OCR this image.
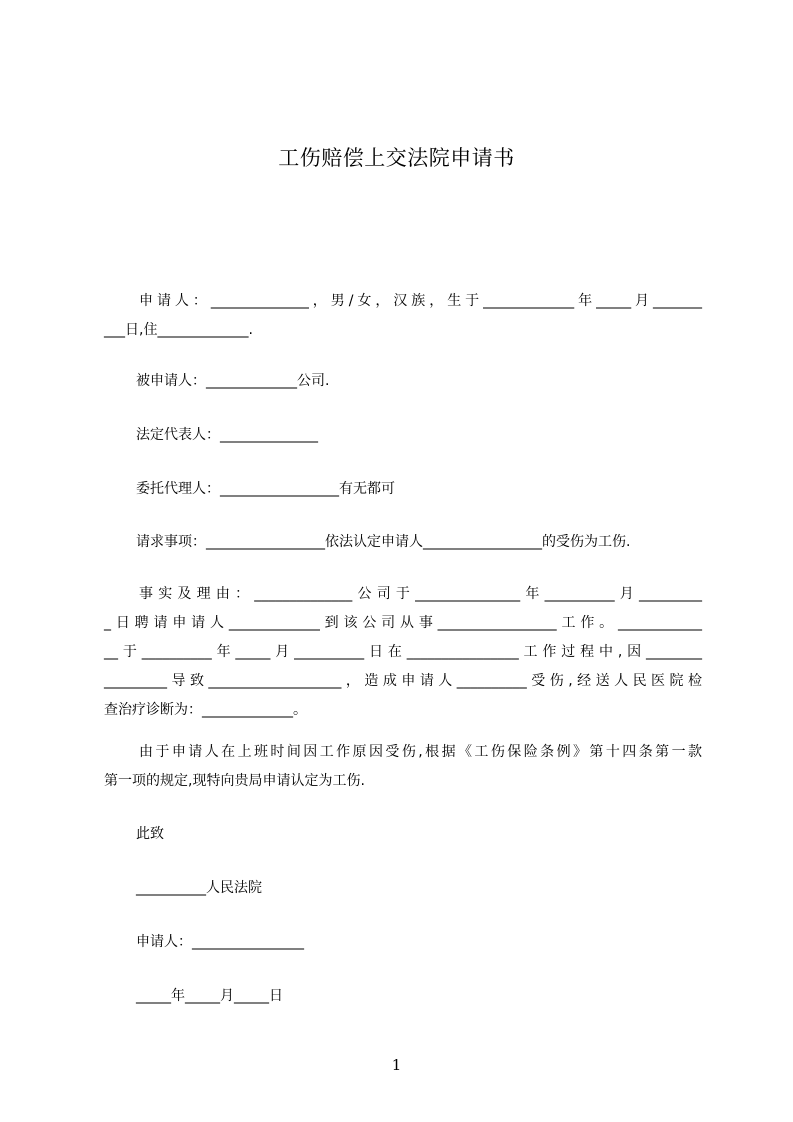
工伤赔偿上交法院申请书

申请人：______________，男/女，汉族，生于_____________年_____月_______

___日,住_____________.

被申请人：_____________公司.
法定代表人：______________
委托代理人：_________________有无都可
请求事项：_________________依法认定申请人_________________的受伤为工伤.

事实及理由：______________公司于_______________年__________月_________

_日聘请申请人_____________到该公司从事_________________工作。____________

__于__________年_____月__________日在________________工作过程中,因________

_________导致___________________，造成申请人__________受伤,经送人民医院检

查治疗诊断为：_____________。

由于申请人在上班时间因工作原因受伤,根据《工伤保险条例》第十四条第一款

第一项的规定,现特向贵局申请认定为工伤.

此致
__________人民法院
申请人：________________
_____年_____月_____日
1
